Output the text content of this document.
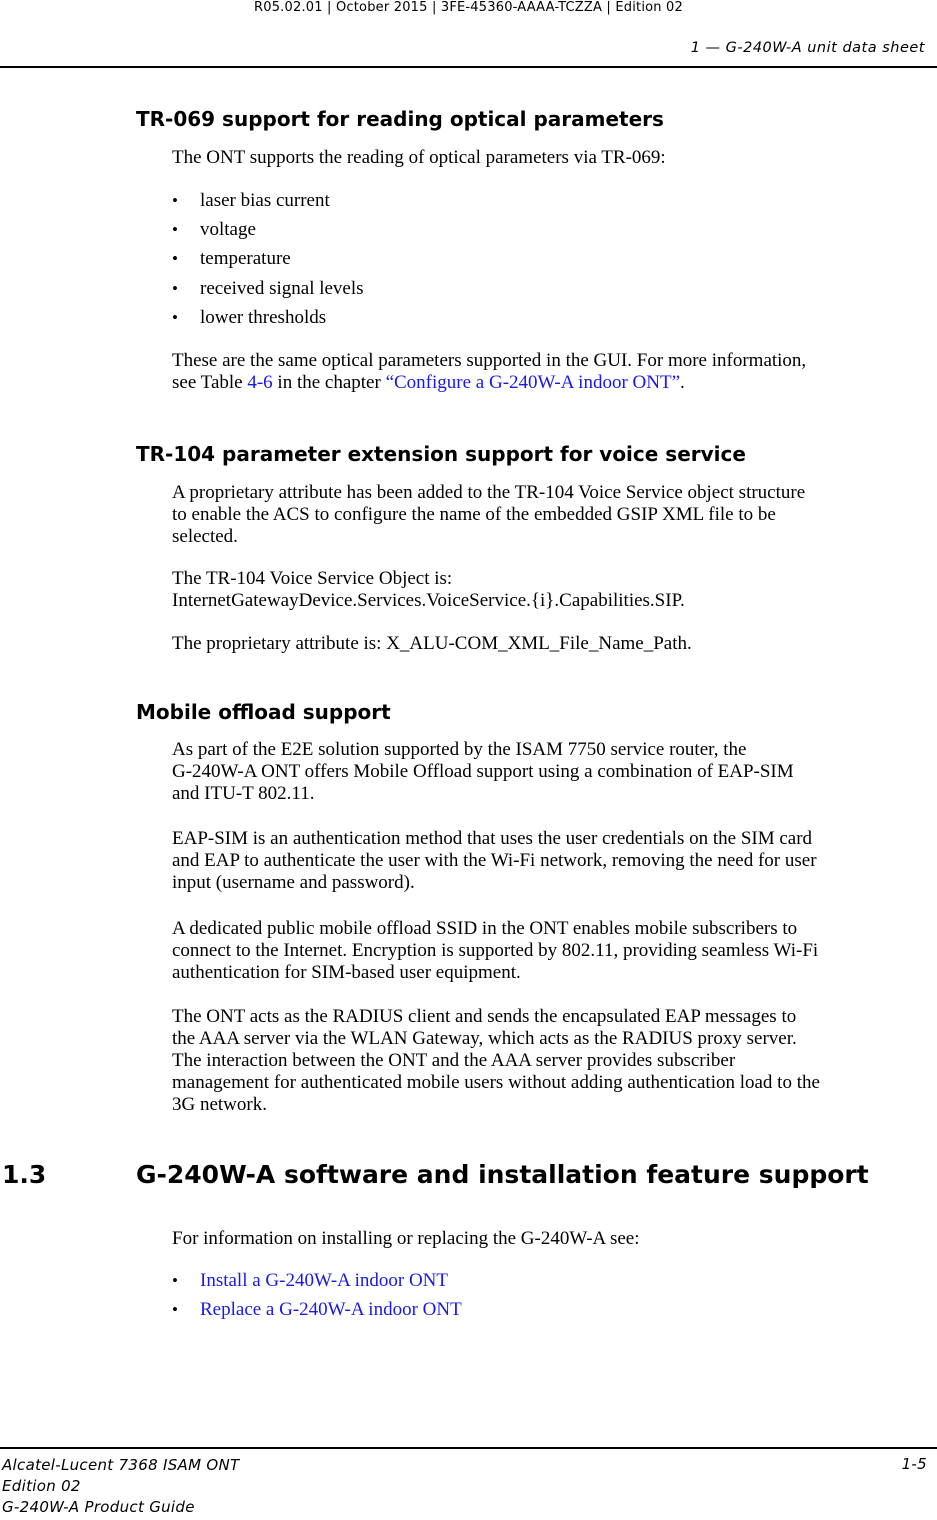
R05.02.01 | October 2015 | 3FE-45360-AAAA-TCZZA | Edition 02
1 — G-240W-A unit data sheet
TR-069 support for reading optical parameters
The ONT supports the reading of optical parameters via TR-069:
• laser bias current
• voltage
• temperature
• received signal levels
• lower thresholds
These are the same optical parameters supported in the GUI. For more information,
see Table 4-6 in the chapter “Configure a G-240W-A indoor ONT”.
TR-104 parameter extension support for voice service
A proprietary attribute has been added to the TR-104 Voice Service object structure
to enable the ACS to configure the name of the embedded GSIP XML file to be
selected.
The TR-104 Voice Service Object is:
InternetGatewayDevice.Services.VoiceService.{i}.Capabilities.SIP.
The proprietary attribute is: X_ALU-COM_XML_File_Name_Path.
Mobile offload support
As part of the E2E solution supported by the ISAM 7750 service router, the
G-240W-A ONT offers Mobile Offload support using a combination of EAP-SIM
and ITU-T 802.11.
EAP-SIM is an authentication method that uses the user credentials on the SIM card
and EAP to authenticate the user with the Wi-Fi network, removing the need for user
input (username and password).
A dedicated public mobile offload SSID in the ONT enables mobile subscribers to
connect to the Internet. Encryption is supported by 802.11, providing seamless Wi-Fi
authentication for SIM-based user equipment.
The ONT acts as the RADIUS client and sends the encapsulated EAP messages to
the AAA server via the WLAN Gateway, which acts as the RADIUS proxy server.
The interaction between the ONT and the AAA server provides subscriber
management for authenticated mobile users without adding authentication load to the
3G network.
1.3	G-240W-A software and installation feature support
For information on installing or replacing the G-240W-A see:
• Install a G-240W-A indoor ONT
• Replace a G-240W-A indoor ONT
Alcatel-Lucent 7368 ISAM ONT
Edition 02
G-240W-A Product Guide
1-5
